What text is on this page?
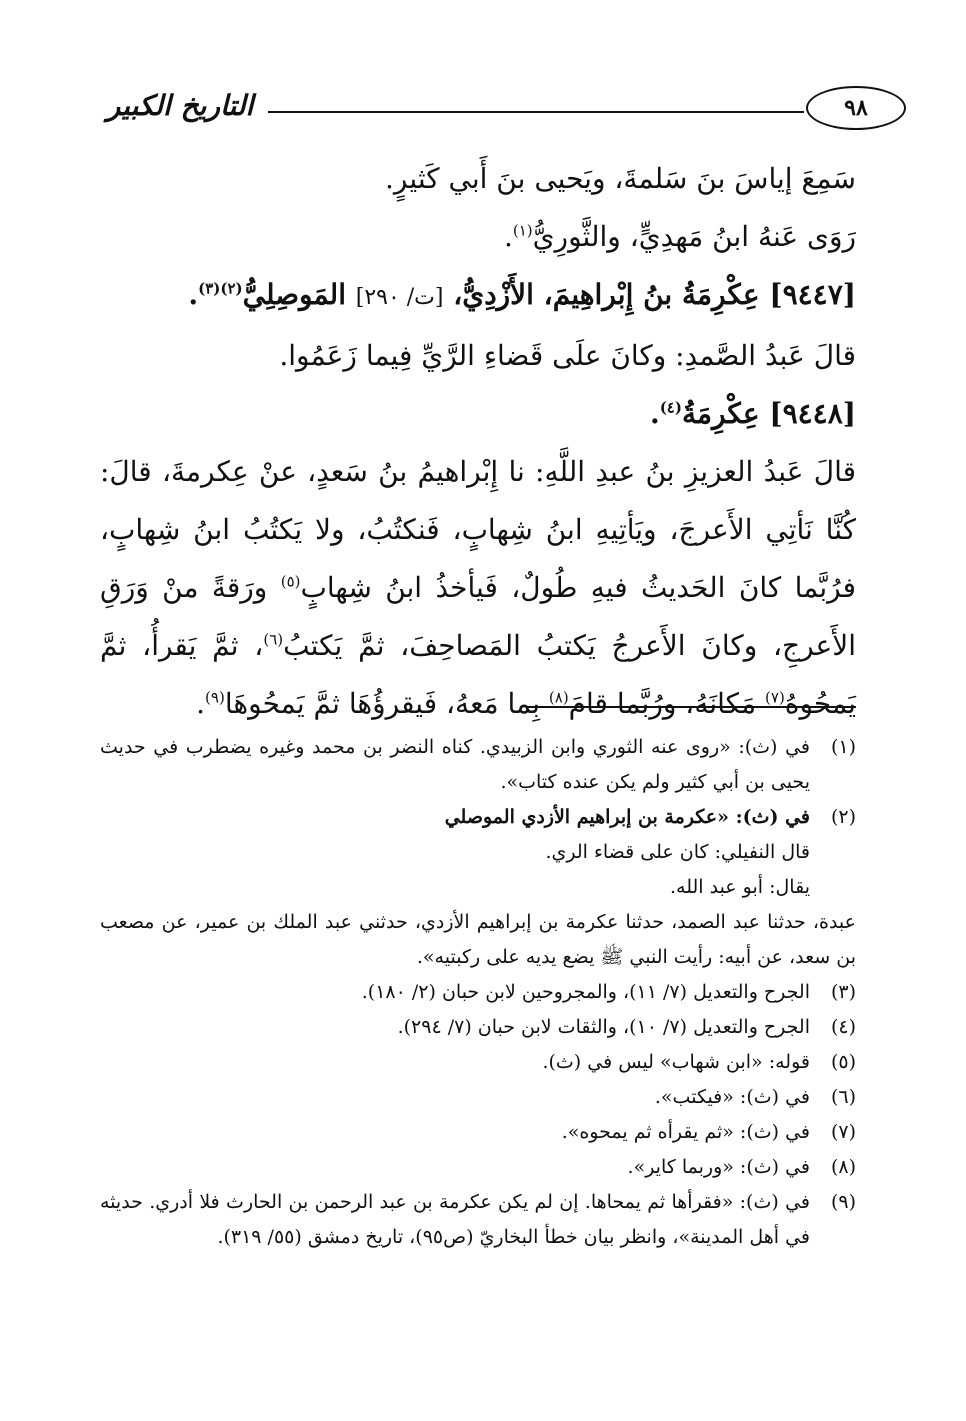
٩٨
التاريخ الكبير

سَمِعَ إياسَ بنَ سَلمةَ، ويَحيى بنَ أَبي كَثيرٍ.

رَوَى عَنهُ ابنُ مَهدِيٍّ، والثَّورِيُّ$^{(١)}$.

[٩٤٤٧] عِكْرِمَةُ بنُ إِبْراهِيمَ، الأَزْدِيُّ، [ت/ ٢٩٠] المَوصِلِيُّ$^{(٢)(٣)}$.

قالَ عَبدُ الصَّمدِ: وكانَ علَى قَضاءِ الرَّيِّ فِيما زَعَمُوا.

[٩٤٤٨] عِكْرِمَةُ$^{(٤)}$.

قالَ عَبدُ العزيزِ بنُ عبدِ اللَّهِ: نا إِبْراهيمُ بنُ سَعدٍ، عنْ عِكرمةَ، قالَ: كُنَّا نَأتِي الأَعرجَ، ويَأتِيهِ ابنُ شِهابٍ، فَنكتُبُ، ولا يَكتُبُ ابنُ شِهابٍ، فرُبَّما كانَ الحَديثُ فيهِ طُولٌ، فَيأخذُ ابنُ شِهابٍ$^{(٥)}$ ورَقةً منْ وَرَقِ الأَعرجِ، وكانَ الأَعرجُ يَكتبُ المَصاحِفَ، ثمَّ يَكتبُ$^{(٦)}$، ثمَّ يَقرأُ، ثمَّ يَمحُوهُ$^{(٧)}$ مَكانَهُ، ورُبَّما قامَ$^{(٨)}$ بِما مَعهُ، فَيقرؤُهَا ثمَّ يَمحُوهَا$^{(٩)}$.

(١)
في (ث): «روى عنه الثوري وابن الزبيدي. كناه النضر بن محمد وغيره يضطرب في حديث يحيى بن أبي كثير ولم يكن عنده كتاب».
(٢)
في (ث): «عكرمة بن إبراهيم الأزدي الموصلي
قال النفيلي: كان على قضاء الري.
يقال: أبو عبد الله.
عبدة، حدثنا عبد الصمد، حدثنا عكرمة بن إبراهيم الأزدي، حدثني عبد الملك بن عمير، عن مصعب بن سعد، عن أبيه: رأيت النبي ﷺ يضع يديه على ركبتيه».
(٣)
الجرح والتعديل (٧/ ١١)، والمجروحين لابن حبان (٢/ ١٨٠).
(٤)
الجرح والتعديل (٧/ ١٠)، والثقات لابن حبان (٧/ ٢٩٤).
(٥)
قوله: «ابن شهاب» ليس في (ث).
(٦)
في (ث): «فيكتب».
(٧)
في (ث): «ثم يقرأه ثم يمحوه».
(٨)
في (ث): «وربما كاير».
(٩)
في (ث): «فقرأها ثم يمحاها. إن لم يكن عكرمة بن عبد الرحمن بن الحارث فلا أدري. حديثه في أهل المدينة»، وانظر بيان خطأ البخاريّ (ص٩٥)، تاريخ دمشق (٥٥/ ٣١٩).
